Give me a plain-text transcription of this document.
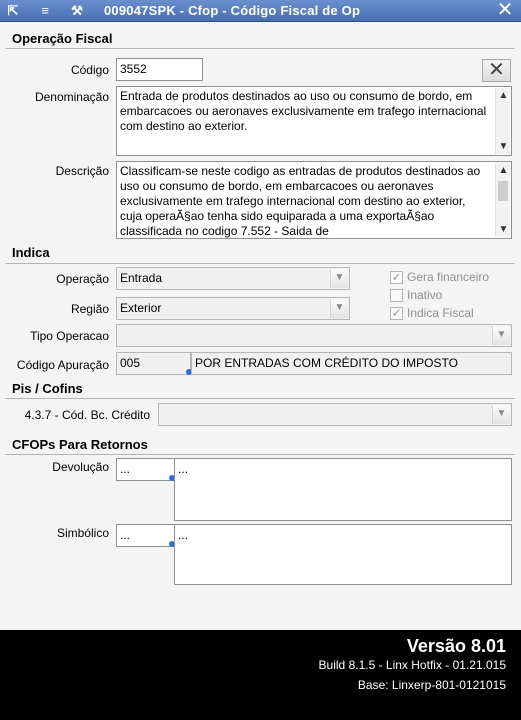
⇱	≡	⚒ 009047SPK - Cfop - Código Fiscal de Op	✕
Operação Fiscal
Código 3552	✕
Denominação Entrada de produtos destinados ao uso ou consumo de bordo, em embarcacoes ou aeronaves exclusivamente em trafego internacional com destino ao exterior.
▲
▼
Descrição Classificam-se neste codigo as entradas de produtos destinados ao uso ou consumo de bordo, em embarcacoes ou aeronaves exclusivamente em trafego internacional com destino ao exterior, cuja operaÃ§ao tenha sido equiparada a uma exportaÃ§ao classificada no codigo 7.552 - Saida de
▲
▼
Indica
Operação Entrada	▼
Região Exterior	▼
✓ Gera financeiro
Inativo
✓ Indica Fiscal
Tipo Operacao	▼
Código Apuração 005	POR ENTRADAS COM CRÉDITO DO IMPOSTO
Pis / Cofins
4.3.7 - Cód. Bc. Crédito	▼
CFOPs Para Retornos
Devolução ...	...
Simbólico ...	...
Versão 8.01
Build 8.1.5 - Linx Hotfix - 01.21.015
Base: Linxerp-801-0121015
